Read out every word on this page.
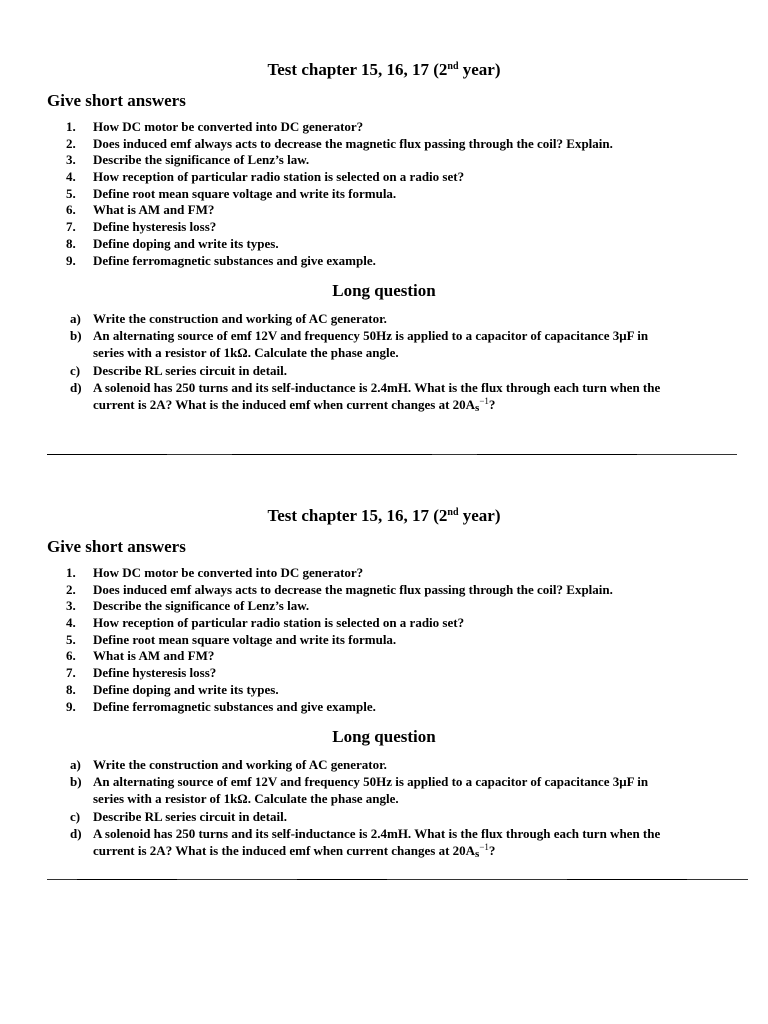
Test chapter 15, 16, 17 (2nd year)
Give short answers
1.	How DC motor be converted into DC generator?
2.	Does induced emf always acts to decrease the magnetic flux passing through the coil? Explain.
3.	Describe the significance of Lenz’s law.
4.	How reception of particular radio station is selected on a radio set?
5.	Define root mean square voltage and write its formula.
6.	What is AM and FM?
7.	Define hysteresis loss?
8.	Define doping and write its types.
9.	Define ferromagnetic substances and give example.
Long question
a) Write the construction and working of AC generator.
b) An alternating source of emf 12V and frequency 50Hz is applied to a capacitor of capacitance 3μF in
series with a resistor of 1kΩ. Calculate the phase angle.
c) Describe RL series circuit in detail.
d) A solenoid has 250 turns and its self-inductance is 2.4mH. What is the flux through each turn when the
current is 2A? What is the induced emf when current changes at $20As^{-1}$?
Test chapter 15, 16, 17 (2nd year)
Give short answers
1.	How DC motor be converted into DC generator?
2.	Does induced emf always acts to decrease the magnetic flux passing through the coil? Explain.
3.	Describe the significance of Lenz’s law.
4.	How reception of particular radio station is selected on a radio set?
5.	Define root mean square voltage and write its formula.
6.	What is AM and FM?
7.	Define hysteresis loss?
8.	Define doping and write its types.
9.	Define ferromagnetic substances and give example.
Long question
a) Write the construction and working of AC generator.
b) An alternating source of emf 12V and frequency 50Hz is applied to a capacitor of capacitance 3μF in
series with a resistor of 1kΩ. Calculate the phase angle.
c) Describe RL series circuit in detail.
d) A solenoid has 250 turns and its self-inductance is 2.4mH. What is the flux through each turn when the
current is 2A? What is the induced emf when current changes at $20As^{-1}$?
